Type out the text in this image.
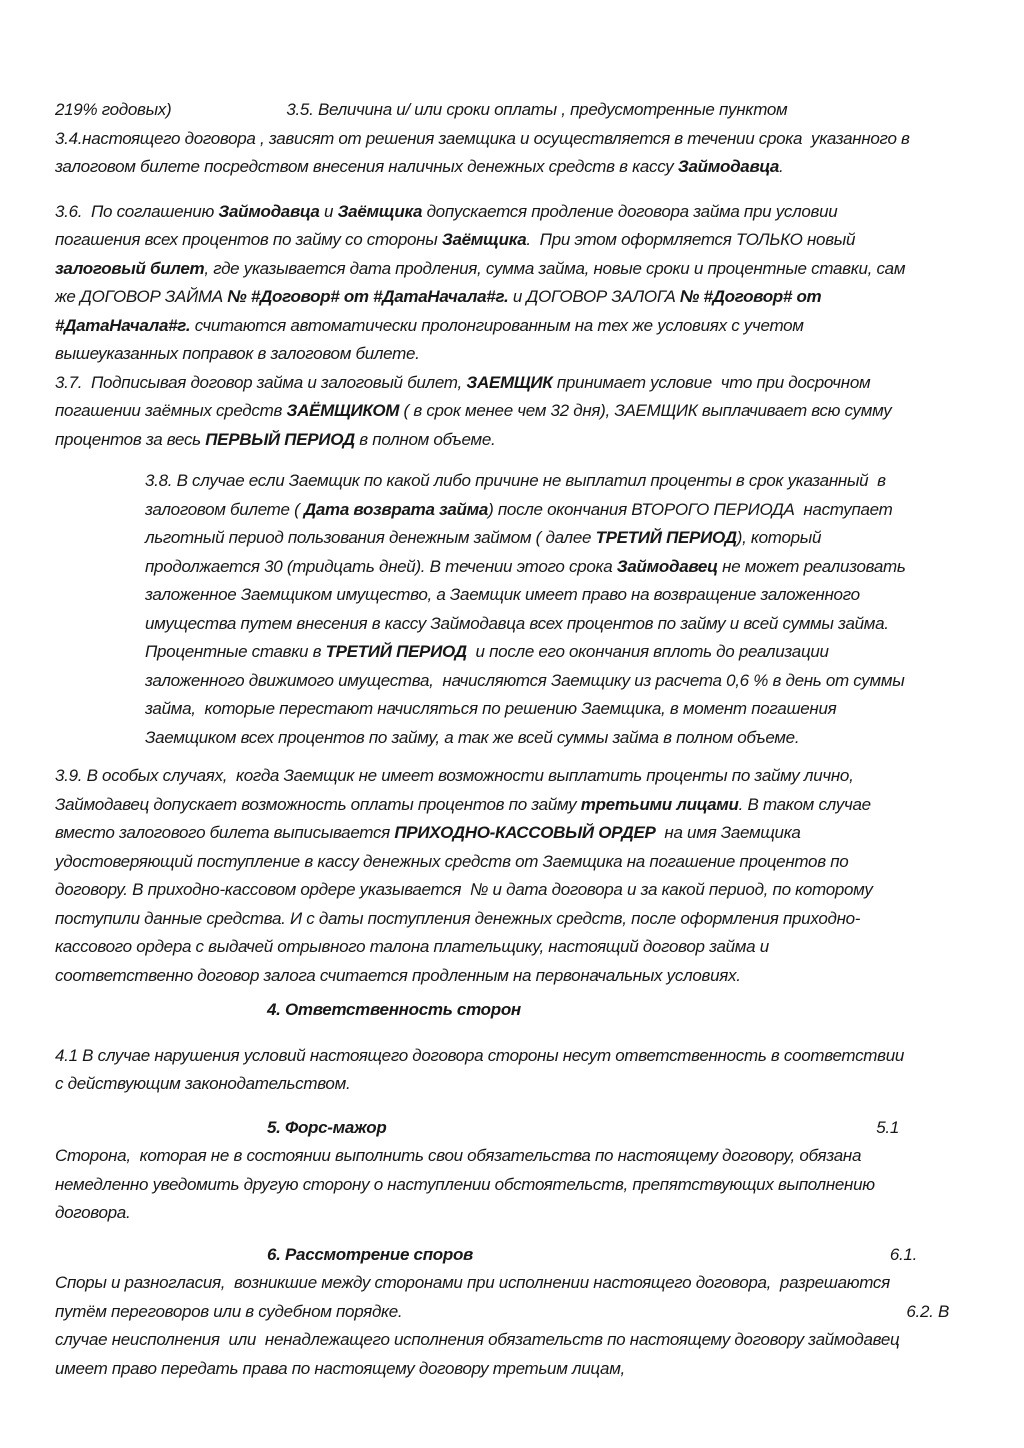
219% годовых)	3.5. Величина и/ или сроки оплаты , предусмотренные пунктом
3.4.настоящего договора , зависят от решения заемщика и осуществляется в течении срока  указанного в
залоговом билете посредством внесения наличных денежных средств в кассу Займодавца.
3.6.  По соглашению Займодавца и Заёмщика допускается продление договора займа при условии
погашения всех процентов по займу со стороны Заёмщика.  При этом оформляется ТОЛЬКО новый
залоговый билет, где указывается дата продления, сумма займа, новые сроки и процентные ставки, сам
же ДОГОВОР ЗАЙМА № #Договор# от #ДатаНачала#г. и ДОГОВОР ЗАЛОГА № #Договор# от
#ДатаНачала#г. считаются автоматически пролонгированным на тех же условиях с учетом
вышеуказанных поправок в залоговом билете.
3.7.  Подписывая договор займа и залоговый билет, ЗАЕМЩИК принимает условие  что при досрочном
погашении заёмных средств ЗАЁМЩИКОМ ( в срок менее чем 32 дня), ЗАЕМЩИК выплачивает всю сумму
процентов за весь ПЕРВЫЙ ПЕРИОД в полном объеме.
3.8. В случае если Заемщик по какой либо причине не выплатил проценты в срок указанный  в
залоговом билете ( Дата возврата займа) после окончания ВТОРОГО ПЕРИОДА  наступает
льготный период пользования денежным займом ( далее ТРЕТИЙ ПЕРИОД), который
продолжается 30 (тридцать дней). В течении этого срока Займодавец не может реализовать
заложенное Заемщиком имущество, а Заемщик имеет право на возвращение заложенного
имущества путем внесения в кассу Займодавца всех процентов по займу и всей суммы займа.
Процентные ставки в ТРЕТИЙ ПЕРИОД  и после его окончания вплоть до реализации
заложенного движимого имущества,  начисляются Заемщику из расчета 0,6 % в день от суммы
займа,  которые перестают начисляться по решению Заемщика, в момент погашения
Заемщиком всех процентов по займу, а так же всей суммы займа в полном объеме.
3.9. В особых случаях,  когда Заемщик не имеет возможности выплатить проценты по займу лично,
Займодавец допускает возможность оплаты процентов по займу третьими лицами. В таком случае
вместо залогового билета выписывается ПРИХОДНО-КАССОВЫЙ ОРДЕР  на имя Заемщика
удостоверяющий поступление в кассу денежных средств от Заемщика на погашение процентов по
договору. В приходно-кассовом ордере указывается  № и дата договора и за какой период, по которому
поступили данные средства. И с даты поступления денежных средств, после оформления приходно-
кассового ордера с выдачей отрывного талона плательщику, настоящий договор займа и
соответственно договор залога считается продленным на первоначальных условиях.
4. Ответственность сторон
4.1 В случае нарушения условий настоящего договора стороны несут ответственность в соответствии
с действующим законодательством.
5. Форс-мажор	5.1
Сторона,  которая не в состоянии выполнить свои обязательства по настоящему договору, обязана
немедленно уведомить другую сторону о наступлении обстоятельств, препятствующих выполнению
договора.
6. Рассмотрение споров	6.1.
Споры и разногласия,  возникшие между сторонами при исполнении настоящего договора,  разрешаются
путём переговоров или в судебном порядке.	6.2. В
случае неисполнения  или  ненадлежащего исполнения обязательств по настоящему договору займодавец
имеет право передать права по настоящему договору третьим лицам,
